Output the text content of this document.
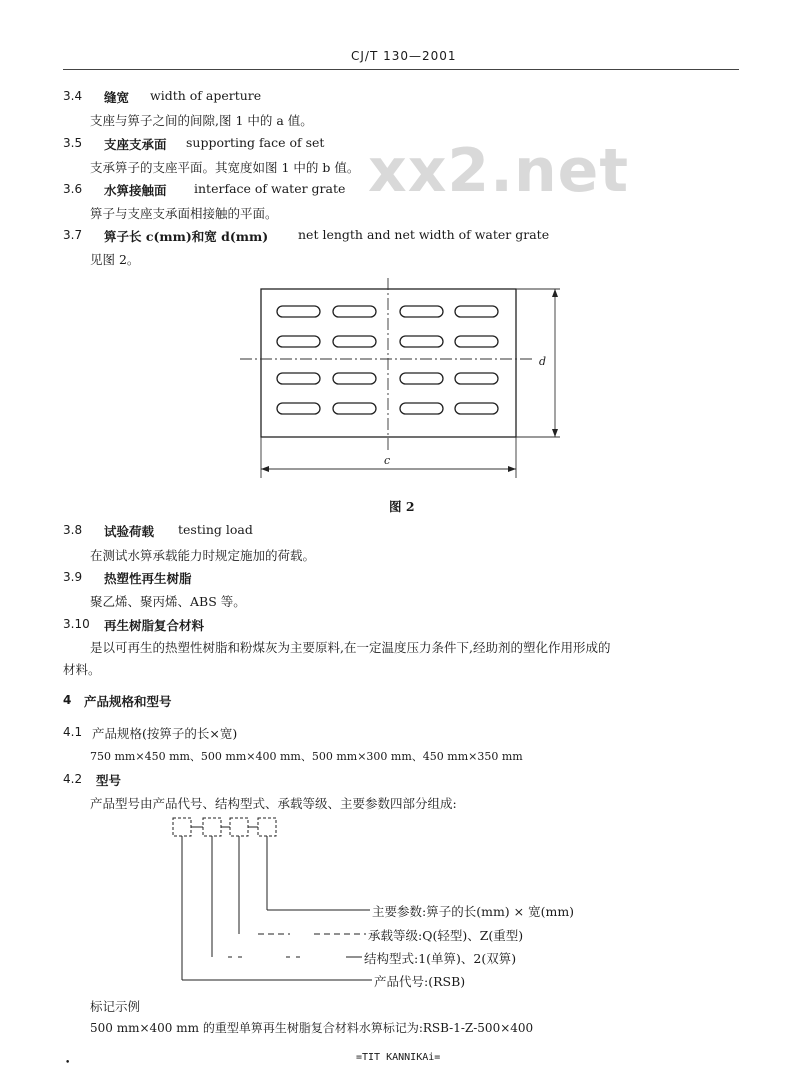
CJ/T 130—2001
xx2.net
3.4 缝宽 width of aperture
支座与箅子之间的间隙,图 1 中的 a 值。
3.5 支座支承面 supporting face of set
支承箅子的支座平面。其宽度如图 1 中的 b 值。
3.6 水箅接触面 interface of water grate
箅子与支座支承面相接触的平面。
3.7 箅子长 c(mm)和宽 d(mm) net length and net width of water grate
见图 2。
d
c
图 2
3.8 试验荷载 testing load
在测试水箅承载能力时规定施加的荷载。
3.9 热塑性再生树脂
聚乙烯、聚丙烯、ABS 等。
3.10 再生树脂复合材料
是以可再生的热塑性树脂和粉煤灰为主要原料,在一定温度压力条件下,经助剂的塑化作用形成的
材料。
4 产品规格和型号
4.1 产品规格(按箅子的长×宽)
750 mm×450 mm、500 mm×400 mm、500 mm×300 mm、450 mm×350 mm
4.2 型号
产品型号由产品代号、结构型式、承载等级、主要参数四部分组成:
主要参数:箅子的长(mm) × 宽(mm)
承载等级:Q(轻型)、Z(重型)
结构型式:1(单箅)、2(双箅)
产品代号:(RSB)
标记示例
500 mm×400 mm 的重型单箅再生树脂复合材料水箅标记为:RSB-1-Z-500×400
•	=TIT KANNIKAi=
